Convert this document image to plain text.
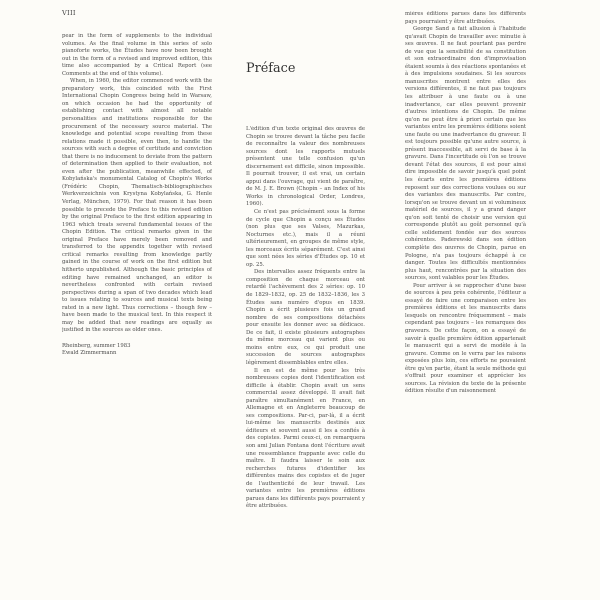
VIII

pear in the form of supplements to the individual volumes. As the final volume in this series of solo pianoforte works, the Études have now been brought out in the form of a revised and improved edition, this time also accompanied by a Critical Report (see Comments at the end of this volume).

When, in 1960, the editor commenced work with the preparatory work, this coincided with the First International Chopin Congress being held in Warsaw, on which occasion he had the opportunity of establishing contact with almost all notable personalities and institutions responsible for the procurement of the necessary source material. The knowledge and potential scope resulting from these relations made it possible, even then, to handle the sources with such a degree of certitude and conviction that there is no inducement to deviate from the pattern of determination then applied to their evaluation, not even after the publication, meanwhile effected, of Kobylańska's monumental Catalog of Chopin's Works (Frédéric Chopin, Thematisch-bibliographisches Werkverzeichnis von Krystyna Kobylańska, G. Henle Verlag, München, 1979). For that reason it has been possible to precede the Preface to this revised edition by the original Preface to the first edition appearing in 1963 which treats several fundamental issues of the Chopin Edition. The critical remarks given in the original Preface have merely been removed and transferred to the appendix together with revised critical remarks resulting from knowledge partly gained in the course of work on the first edition but hitherto unpublished. Although the basic principles of editing have remained unchanged, an editor is nevertheless confronted with certain revised perspectives during a span of two decades which lead to issues relating to sources and musical texts being rated in a new light. Thus corrections – though few – have been made to the musical text. In this respect it may be added that new readings are equally as justified in the sources as older ones.

Rheinberg, summer 1983
Ewald Zimmermann

Préface

L'édition d'un texte original des œuvres de Chopin se trouve devant la tâche peu facile de reconnaître la valeur des nombreuses sources dont les rapports mutuels présentent une telle confusion qu'un discernement est difficile, sinon impossible. Il pourrait trouver, il est vrai, un certain appui dans l'ouvrage, qui vient de paraître, de M. J. E. Brown (Chopin – an Index of his Works in chronological Order, Londres, 1960).

Ce n'est pas précisément sous la forme de cycle que Chopin a conçu ses Études (non plus que ses Valses, Mazurkas, Nocturnes etc.), mais il a réuni ultérieurement, en groupes de même style, les morceaux écrits séparément. C'est ainsi que sont nées les séries d'Études op. 10 et op. 25.

Des intervalles assez fréquents entre la composition de chaque morceau ont retardé l'achèvement des 2 séries: op. 10 de 1829–1832, op. 25 de 1832–1836, les 3 Études sans numéro d'opus en 1839. Chopin a écrit plusieurs fois un grand nombre de ses compositions détachées pour ensuite les donner avec sa dédicace. De ce fait, il existe plusieurs autographes du même morceau qui varient plus ou moins entre eux, ce qui produit une succession de sources autographes légèrement dissemblables entre elles.

Il en est de même pour les très nombreuses copies dont l'identification est difficile à établir. Chopin avait un sens commercial assez développé. Il avait fait paraître simultanément en France, en Allemagne et en Angleterre beaucoup de ses compositions. Par-ci, par-là, il a écrit lui-même les manuscrits destinés aux éditeurs et souvent aussi il les a confiés à des copistes. Parmi ceux-ci, on remarquera son ami Julian Fontana dont l'écriture avait une ressemblance frappante avec celle du maître. Il faudra laisser le soin aux recherches futures d'identifier les différentes mains des copistes et de juger de l'authenticité de leur travail. Les variantes entre les premières éditions parues dans les différents pays pourraient y être attribuées.

mières éditions parues dans les différents pays pourraient y être attribuées.

George Sand a fait allusion à l'habitude qu'avait Chopin de travailler avec minutie à ses œuvres. Il ne faut pourtant pas perdre de vue que la sensibilité de sa constitution et son extraordinaire don d'improvisation étaient soumis à des réactions spontanées et à des impulsions soudaines. Si les sources manuscrites montrent entre elles des versions différentes, il ne faut pas toujours les attribuer à une faute ou à une inadvertance, car elles peuvent provenir d'autres intentions de Chopin. De même qu'on ne peut être à priori certain que les variantes entre les premières éditions soient une faute ou une inadvertance du graveur. Il est toujours possible qu'une autre source, à présent inaccessible, ait servi de base à la gravure. Dans l'incertitude où l'on se trouve devant l'état des sources, il est pour ainsi dire impossible de savoir jusqu'à quel point les écarts entre les premières éditions reposent sur des corrections voulues ou sur des variantes des manuscrits. Par contre, lorsqu'on se trouve devant un si volumineux matériel de sources, il y a grand danger qu'on soit tenté de choisir une version qui corresponde plutôt au goût personnel qu'à celle solidement fondée sur des sources cohérentes. Paderewski dans son édition complète des œuvres de Chopin, parue en Pologne, n'a pas toujours échappé à ce danger. Toutes les difficultés mentionnées plus haut, rencontrées par la situation des sources, sont valables pour les Études.

Pour arriver à se rapprocher d'une base de sources à peu près cohérente, l'éditeur a essayé de faire une comparaison entre les premières éditions et les manuscrits dans lesquels on rencontre fréquemment – mais cependant pas toujours – les remarques des graveurs. De cette façon, on a essayé de savoir à quelle première édition appartenait le manuscrit qui a servi de modèle à la gravure. Comme on le verra par les raisons exposées plus loin, ces efforts ne pouvaient être qu'en partie, étant la seule méthode qui s'offrait pour examiner et apprécier les sources. La révision du texte de la présente édition résulte d'un raisonnement
